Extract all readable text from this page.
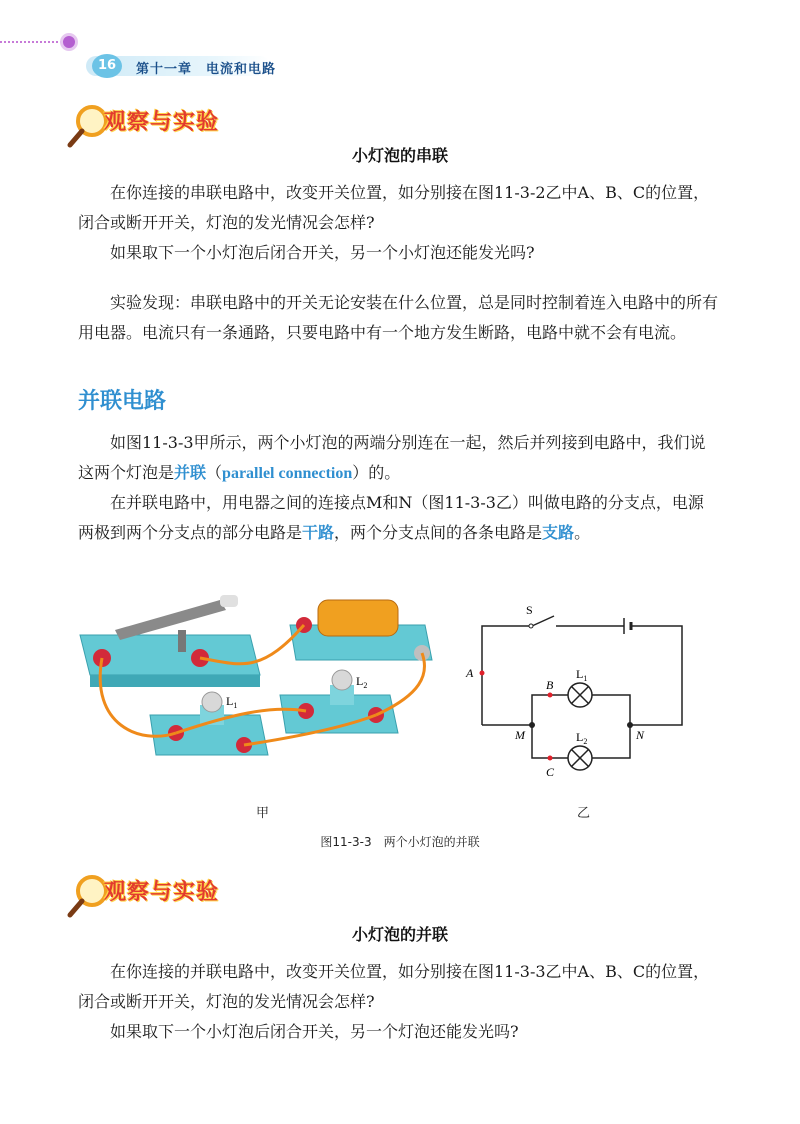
16	第十一章　电流和电路
观察与实验
小灯泡的串联

在你连接的串联电路中，改变开关位置，如分别接在图11-3-2乙中A、B、C的位置，闭合或断开开关，灯泡的发光情况会怎样?

如果取下一个小灯泡后闭合开关，另一个小灯泡还能发光吗?

实验发现：串联电路中的开关无论安装在什么位置，总是同时控制着连入电路中的所有用电器。电流只有一条通路，只要电路中有一个地方发生断路，电路中就不会有电流。

并联电路

如图11-3-3甲所示，两个小灯泡的两端分别连在一起，然后并列接到电路中，我们说这两个灯泡是并联（parallel connection）的。

在并联电路中，用电器之间的连接点M和N（图11-3-3乙）叫做电路的分支点，电源两极到两个分支点的部分电路是干路，两个分支点间的各条电路是支路。

$L_1$
$L_2$
甲
S
$L_1$
$L_2$
A
B
C
M	N
乙
图11-3-3　两个小灯泡的并联
观察与实验
小灯泡的并联

在你连接的并联电路中，改变开关位置，如分别接在图11-3-3乙中A、B、C的位置，闭合或断开开关，灯泡的发光情况会怎样?

如果取下一个小灯泡后闭合开关，另一个灯泡还能发光吗?
